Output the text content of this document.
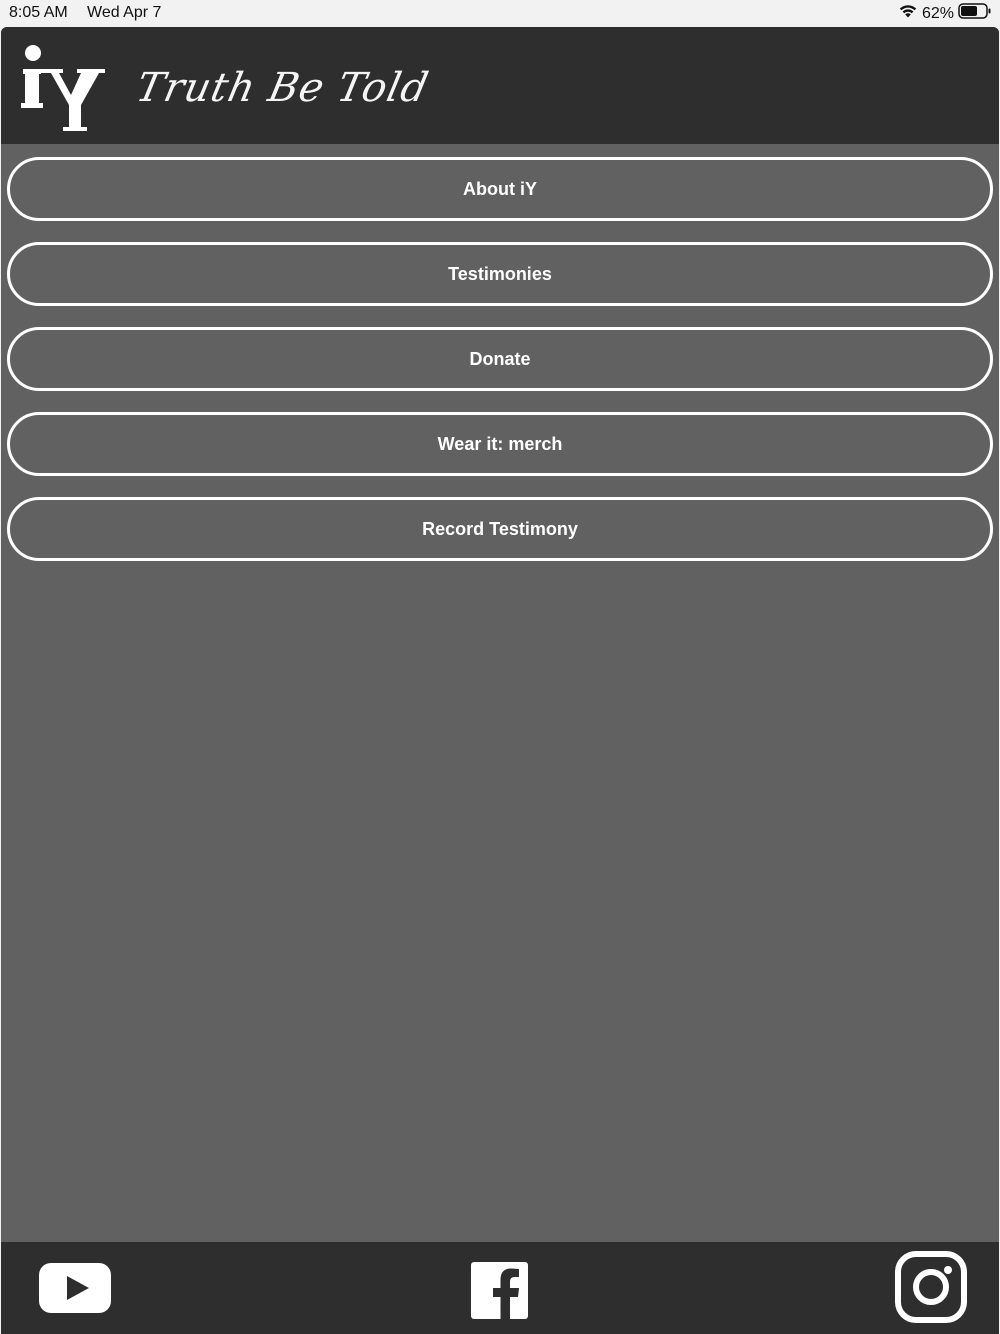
8:05 AM Wed Apr 7	62%
Truth Be Told
About iY
Testimonies
Donate
Wear it: merch
Record Testimony
